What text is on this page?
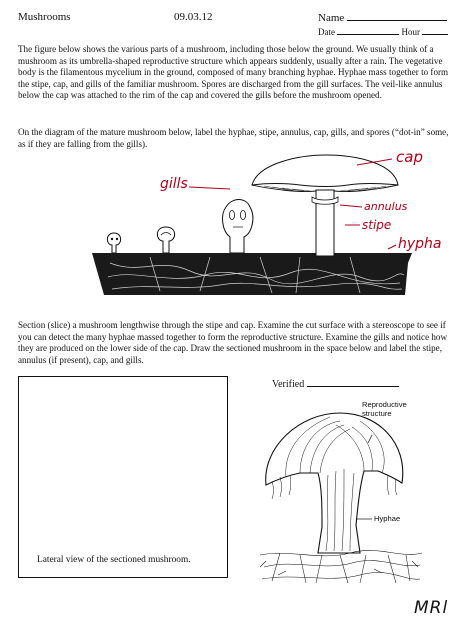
Mushrooms	09.03.12	Name
Date	Hour

The figure below shows the various parts of a mushroom, including those below the ground. We usually think of a mushroom as its umbrella-shaped reproductive structure which appears suddenly, usually after a rain. The vegetative body is the filamentous mycelium in the ground, composed of many branching hyphae. Hyphae mass together to form the stipe, cap, and gills of the familiar mushroom. Spores are discharged from the gill surfaces. The veil-like annulus below the cap was attached to the rim of the cap and covered the gills before the mushroom opened.

On the diagram of the mature mushroom below, label the hyphae, stipe, annulus, cap, gills, and spores (“dot-in” some, as if they are falling from the gills).

gills
cap
annulus
stipe
hypha

Section (slice) a mushroom lengthwise through the stipe and cap. Examine the cut surface with a stereoscope to see if you can detect the many hyphae massed together to form the reproductive structure. Examine the gills and notice how they are produced on the lower side of the cap. Draw the sectioned mushroom in the space below and label the stipe, annulus (if present), cap, and gills.

Lateral view of the sectioned mushroom.
Verified
Reproductive
structure
Hyphae
MRl
